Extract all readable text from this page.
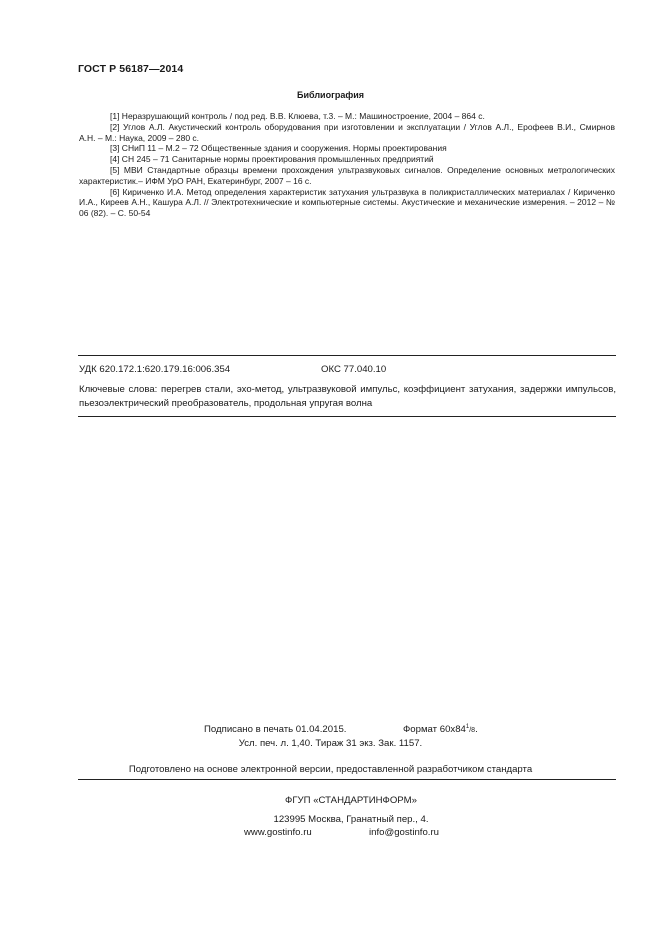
ГОСТ Р 56187—2014
Библиография

[1] Неразрушающий контроль / под ред. В.В. Клюева, т.3. – М.: Машиностроение, 2004 – 864 с.

[2] Углов А.Л. Акустический контроль оборудования при изготовлении и эксплуатации / Углов А.Л., Ерофеев В.И., Смирнов А.Н. – М.: Наука, 2009 – 280 с.

[3] СНиП 11 – М.2 – 72 Общественные здания и сооружения. Нормы проектирования

[4] СН 245 – 71 Санитарные нормы проектирования промышленных предприятий

[5] МВИ Стандартные образцы времени прохождения ультразвуковых сигналов. Определение основных метрологических характеристик.– ИФМ УрО РАН, Екатеринбург, 2007 – 16 с.

[6] Кириченко И.А. Метод определения характеристик затухания ультразвука в поликристаллических материалах / Кириченко И.А., Киреев А.Н., Кашура А.Л. // Электротехнические и компьютерные системы. Акустические и механические измерения. – 2012 – № 06 (82). – С. 50-54

УДК 620.172.1:620.179.16:006.354	ОКС 77.040.10
Ключевые слова: перегрев стали, эхо-метод, ультразвуковой импульс, коэффициент затухания, задержки импульсов, пьезоэлектрический преобразователь, продольная упругая волна
Подписано в печать 01.04.2015.	Формат $60x84^1/8$.
Усл. печ. л. 1,40. Тираж 31 экз. Зак. 1157.
Подготовлено на основе электронной версии, предоставленной разработчиком стандарта
ФГУП «СТАНДАРТИНФОРМ»
123995 Москва, Гранатный пер., 4.
www.gostinfo.ru	info@gostinfo.ru
